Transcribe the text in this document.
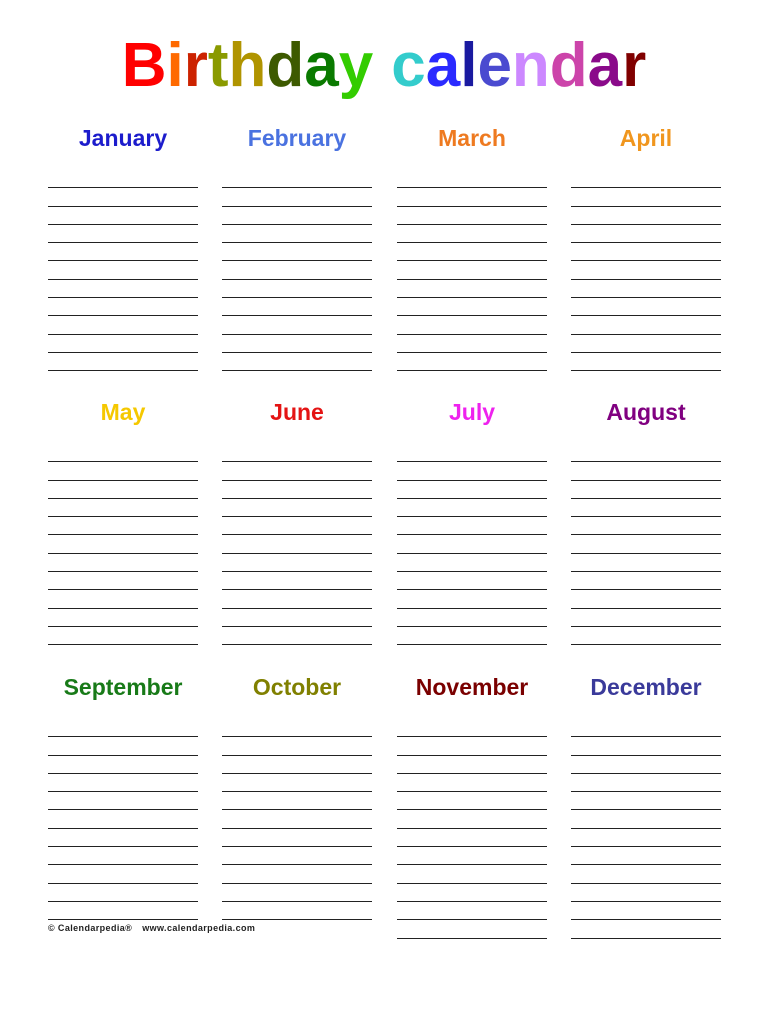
Birthday calendar
January	February	March	April
May	June	July	August
September	October	November	December
© Calendarpedia® www.calendarpedia.com
